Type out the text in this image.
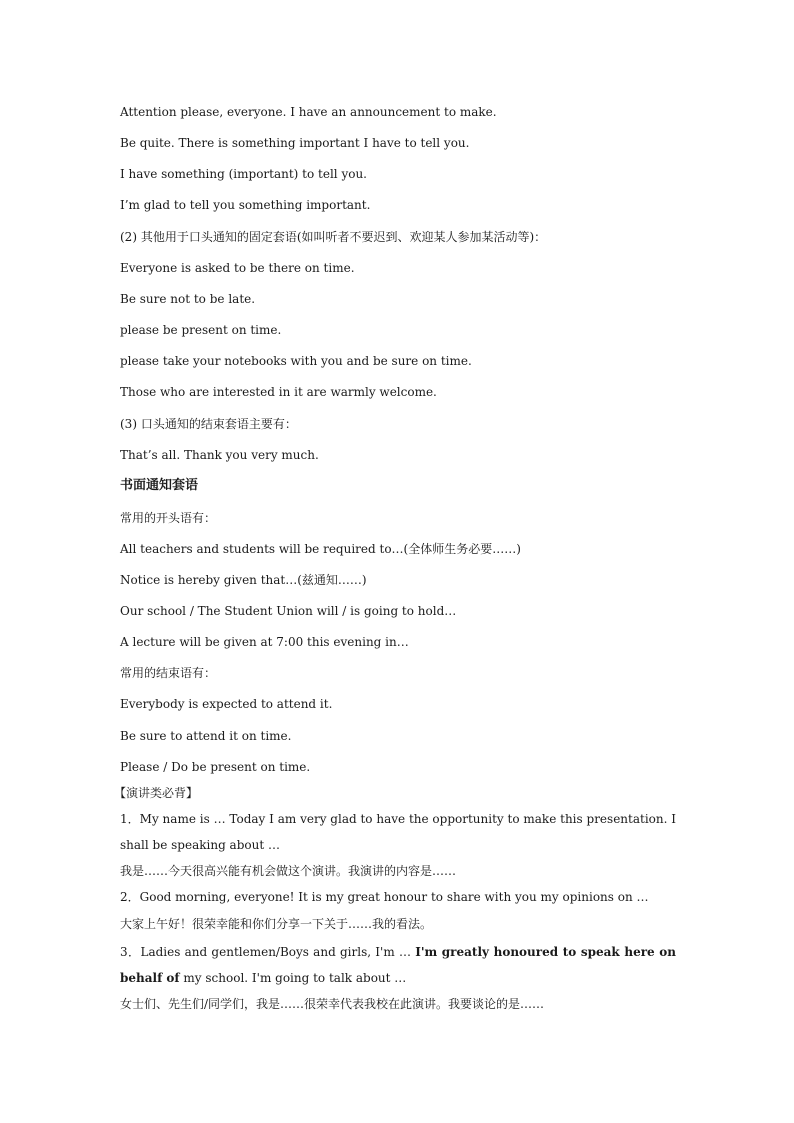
Attention please, everyone. I have an announcement to make.
Be quite. There is something important I have to tell you.
I have something (important) to tell you.
I’m glad to tell you something important.
(2) 其他用于口头通知的固定套语(如叫听者不要迟到、欢迎某人参加某活动等)：
Everyone is asked to be there on time.
Be sure not to be late.
please be present on time.
please take your notebooks with you and be sure on time.
Those who are interested in it are warmly welcome.
(3) 口头通知的结束套语主要有：
That’s all. Thank you very much.
书面通知套语
常用的开头语有：
All teachers and students will be required to…(全体师生务必要……)
Notice is hereby given that…(兹通知……)
Our school / The Student Union will / is going to hold…
A lecture will be given at 7:00 this evening in…
常用的结束语有：
Everybody is expected to attend it.
Be sure to attend it on time.
Please / Do be present on time.
【演讲类必背】
1．My name is … Today I am very glad to have the opportunity to make this presentation. I shall be speaking about …
我是……今天很高兴能有机会做这个演讲。我演讲的内容是……
2．Good morning, everyone! It is my great honour to share with you my opinions on …
大家上午好！很荣幸能和你们分享一下关于……我的看法。
3．Ladies and gentlemen/Boys and girls, I'm … I'm greatly honoured to speak here on behalf of my school. I'm going to talk about …
女士们、先生们/同学们，我是……很荣幸代表我校在此演讲。我要谈论的是……
